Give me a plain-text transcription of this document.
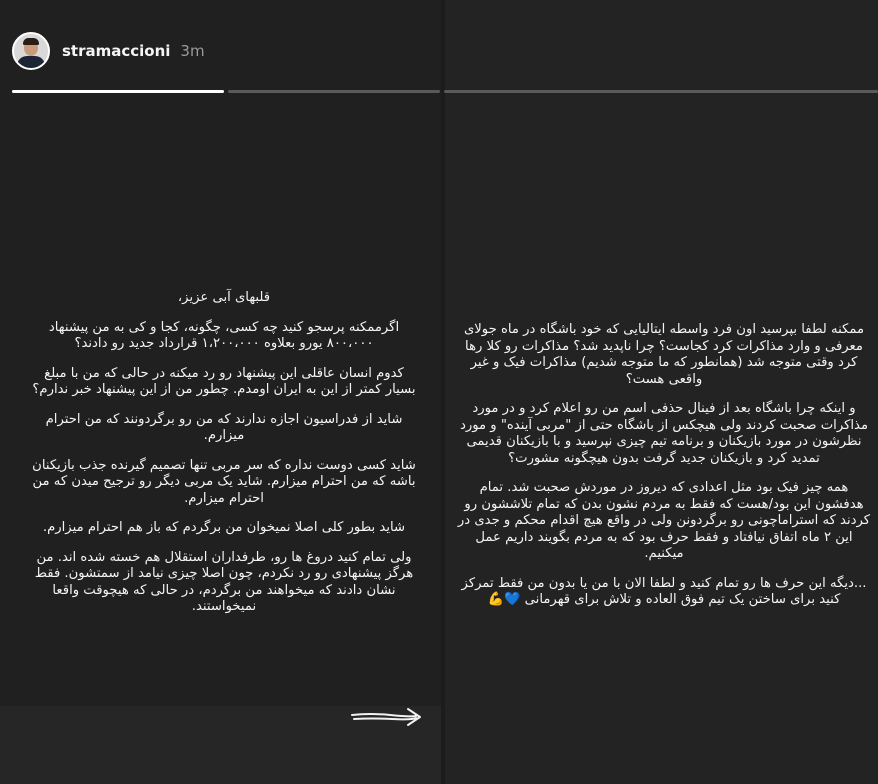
stramaccioni 3m

قلبهای آبی عزیز،

اگرممکنه پرسجو کنید چه کسی، چگونه، کجا و کی به من پیشنهاد ۸۰۰،۰۰۰ یورو بعلاوه ۱،۲۰۰،۰۰۰ قرارداد جدید رو دادند؟

کدوم انسان عاقلی این پیشنهاد رو رد میکنه در حالی که من با مبلغ بسیار کمتر از این به ایران اومدم. چطور من از این پیشنهاد خبر ندارم؟

شاید از فدراسیون اجازه ندارند که من رو برگردونند که من احترام میزارم.

شاید کسی دوست نداره که سر مربی تنها تصمیم گیرنده جذب بازیکنان باشه که من احترام میزارم. شاید یک مربی دیگر رو ترجیح میدن که من احترام میزارم.

شاید بطور کلی اصلا نمیخوان من برگردم که باز هم احترام میزارم.

ولی تمام کنید دروغ ها رو، طرفداران استقلال هم خسته شده اند. من هرگز پیشنهادی رو رد نکردم، چون اصلا چیزی نیامد از سمتشون. فقط نشان دادند که میخواهند من برگردم، در حالی که هیچوقت واقعا نمیخواستند.

ممکنه لطفا بپرسید اون فرد واسطه ایتالیایی که خود باشگاه در ماه جولای معرفی و وارد مذاکرات کرد کجاست؟ چرا ناپدید شد؟ مذاکرات رو کلا رها کرد وقتی متوجه شد (همانطور که ما متوجه شدیم) مذاکرات فیک و غیر واقعی هست؟

و اینکه چرا باشگاه بعد از فینال حذفی اسم من رو اعلام کرد و در مورد مذاکرات صحبت کردند ولی هیچکس از باشگاه حتی از "مربی آینده" و مورد نظرشون در مورد بازیکنان و برنامه تیم چیزی نپرسید و با بازیکنان قدیمی تمدید کرد و بازیکنان جدید گرفت بدون هیچگونه مشورت؟

همه چیز فیک بود مثل اعدادی که دیروز در موردش صحبت شد. تمام هدفشون این بود/هست که فقط به مردم نشون بدن که تمام تلاششون رو کردند که استراماچونی رو برگردونن ولی در واقع هیچ اقدام محکم و جدی در این ۲ ماه اتفاق نیافتاد و فقط حرف بود که به مردم بگویند داریم عمل میکنیم.

...دیگه این حرف ها رو تمام کنید و لطفا الان با من یا بدون من فقط تمرکز کنید برای ساختن یک تیم فوق العاده و تلاش برای قهرمانی 💙💪
